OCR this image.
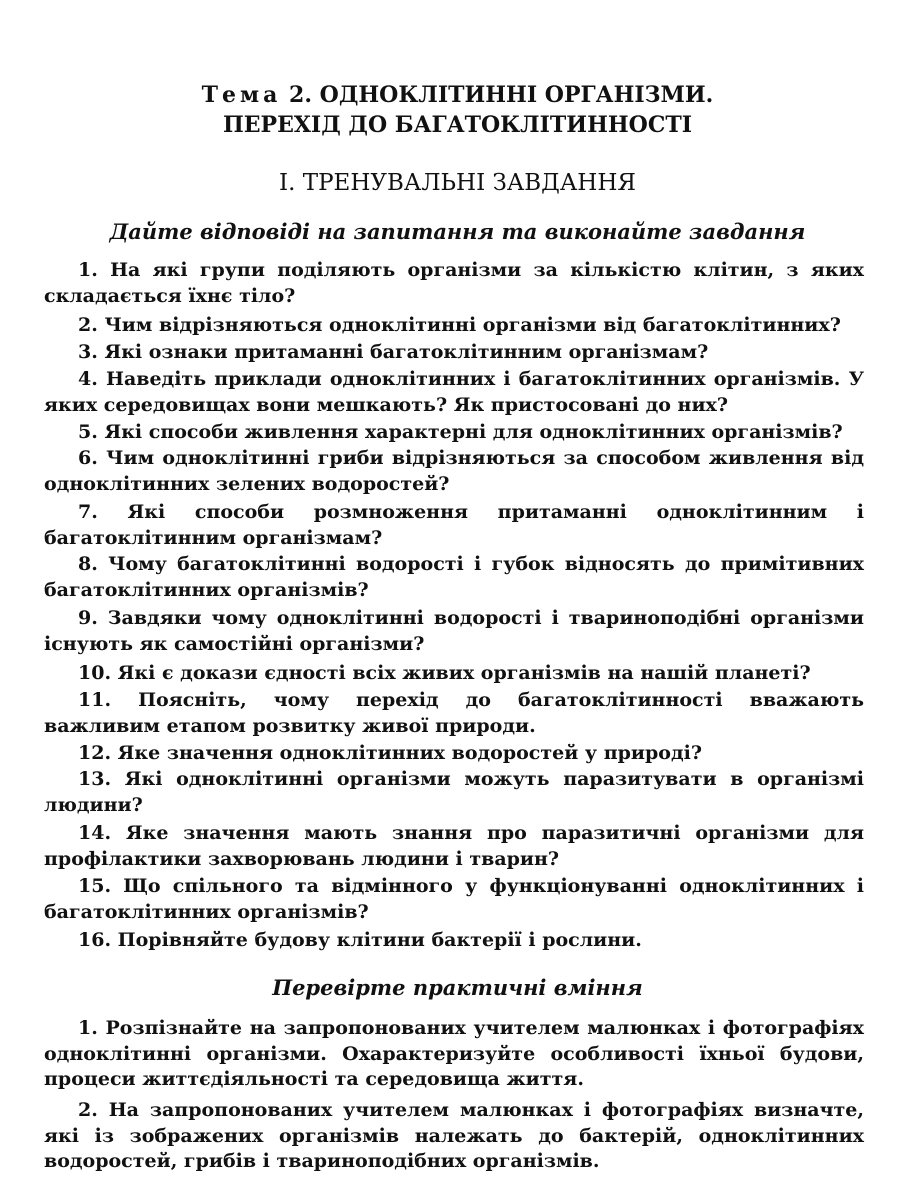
Тема 2. ОДНОКЛІТИННІ ОРГАНІЗМИ.
ПЕРЕХІД ДО БАГАТОКЛІТИННОСТІ
І. ТРЕНУВАЛЬНІ ЗАВДАННЯ
Дайте відповіді на запитання та виконайте завдання

1. На які групи поділяють організми за кількістю клітин, з яких складається їхнє тіло?

2. Чим відрізняються одноклітинні організми від багатоклітинних?

3. Які ознаки притаманні багатоклітинним організмам?

4. Наведіть приклади одноклітинних і багатоклітинних організмів. У яких середовищах вони мешкають? Як пристосовані до них?

5. Які способи живлення характерні для одноклітинних організмів?

6. Чим одноклітинні гриби відрізняються за способом живлення від одноклітинних зелених водоростей?

7. Які способи розмноження притаманні одноклітинним і багатоклітинним організмам?

8. Чому багатоклітинні водорості і губок відносять до примітивних багатоклітинних організмів?

9. Завдяки чому одноклітинні водорості і твариноподібні організми існують як самостійні організми?

10. Які є докази єдності всіх живих організмів на нашій планеті?

11. Поясніть, чому перехід до багатоклітинності вважають важливим етапом розвитку живої природи.

12. Яке значення одноклітинних водоростей у природі?

13. Які одноклітинні організми можуть паразитувати в організмі людини?

14. Яке значення мають знання про паразитичні організми для профілактики захворювань людини і тварин?

15. Що спільного та відмінного у функціонуванні одноклітинних і багатоклітинних організмів?

16. Порівняйте будову клітини бактерії і рослини.

Перевірте практичні вміння

1. Розпізнайте на запропонованих учителем малюнках і фотографіях одноклітинні організми. Охарактеризуйте особливості їхньої будови, процеси життєдіяльності та середовища життя.

2. На запропонованих учителем малюнках і фотографіях визначте, які із зображених організмів належать до бактерій, одноклітинних водоростей, грибів і твариноподібних організмів.
